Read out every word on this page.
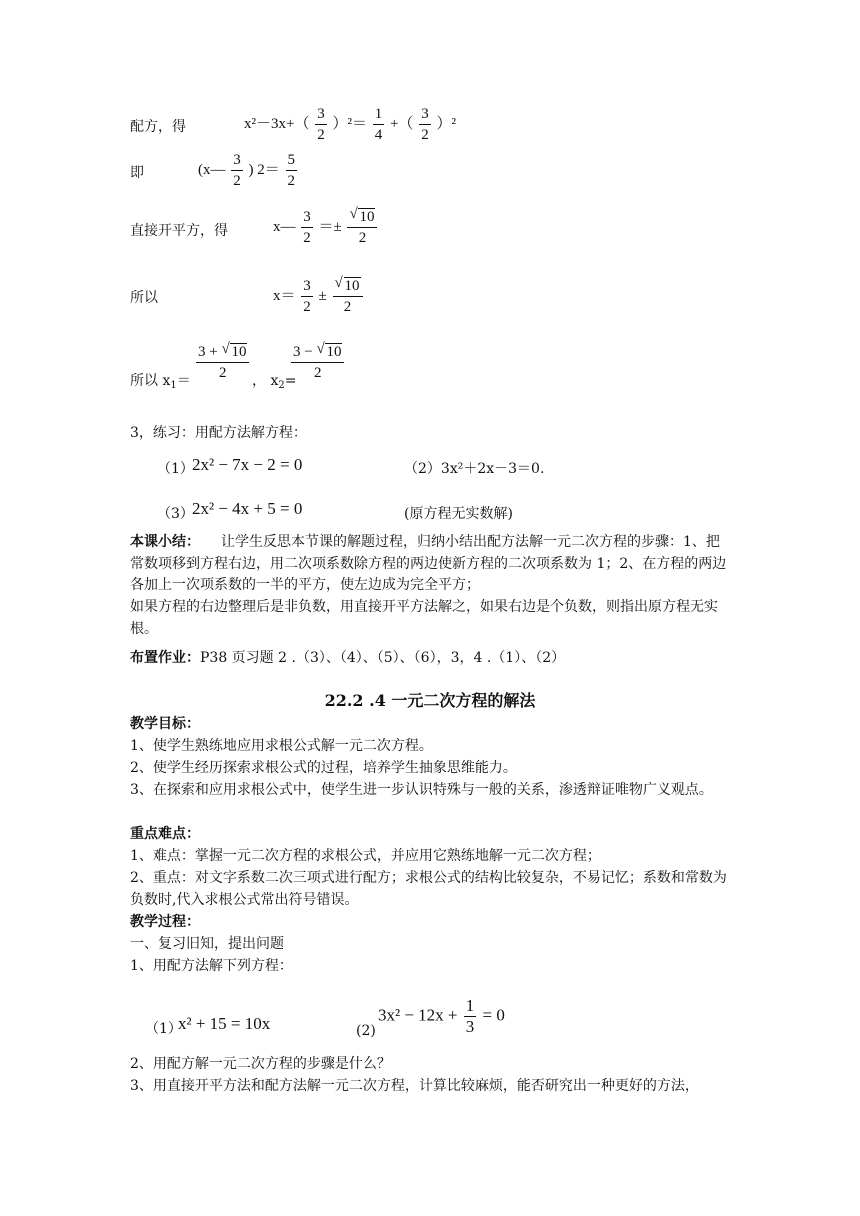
配方，得	$x^2-3x+( \frac{3}{2} )^2= \frac{1}{4}$ +（ $\frac{3}{2} )^2$
即	(x— $\frac{3}{2}$ ) $2= \frac{5}{2}$
直接开平方，得	x— $\frac{3}{2} =\pm \frac{√ 10}{2}$
所以	$x= \frac{3}{2} \pm \frac{√ 10}{2}$
所以 $x_1= \frac{3 + √ 10}{2}$ ， $x_2=$
$\frac{3 - √ 10}{2}$
3，练习：用配方法解方程：
（1）
2x² − 7x − 2 = 0	（2）3x²＋2x－3＝0.
（3）
2x² − 4x + 5 = 0	(原方程无实数解)
本课小结：　　让学生反思本节课的解题过程，归纳小结出配方法解一元二次方程的步骤：1、把常数项移到方程右边，用二次项系数除方程的两边使新方程的二次项系数为 1；2、在方程的两边各加上一次项系数的一半的平方，使左边成为完全平方；
如果方程的右边整理后是非负数，用直接开平方法解之，如果右边是个负数，则指出原方程无实根。
布置作业：P38 页习题 2 .（3）、（4）、（5）、（6），3，4 .（1）、（2）
22.2 .4 一元二次方程的解法
教学目标：
1、使学生熟练地应用求根公式解一元二次方程。
2、使学生经历探索求根公式的过程，培养学生抽象思维能力。
3、在探索和应用求根公式中，使学生进一步认识特殊与一般的关系，渗透辩证唯物广义观点。
重点难点：
1、难点：掌握一元二次方程的求根公式，并应用它熟练地解一元二次方程；
2、重点：对文字系数二次三项式进行配方；求根公式的结构比较复杂，不易记忆；系数和常数为负数时,代入求根公式常出符号错误。
教学过程：
一、复习旧知，提出问题
1、用配方法解下列方程：
（1）
x² + 15 = 10x	(2)
$3x^2 - 12x + \frac{1}{3} = 0$
2、用配方解一元二次方程的步骤是什么？
3、用直接开平方法和配方法解一元二次方程，计算比较麻烦，能否研究出一种更好的方法，
